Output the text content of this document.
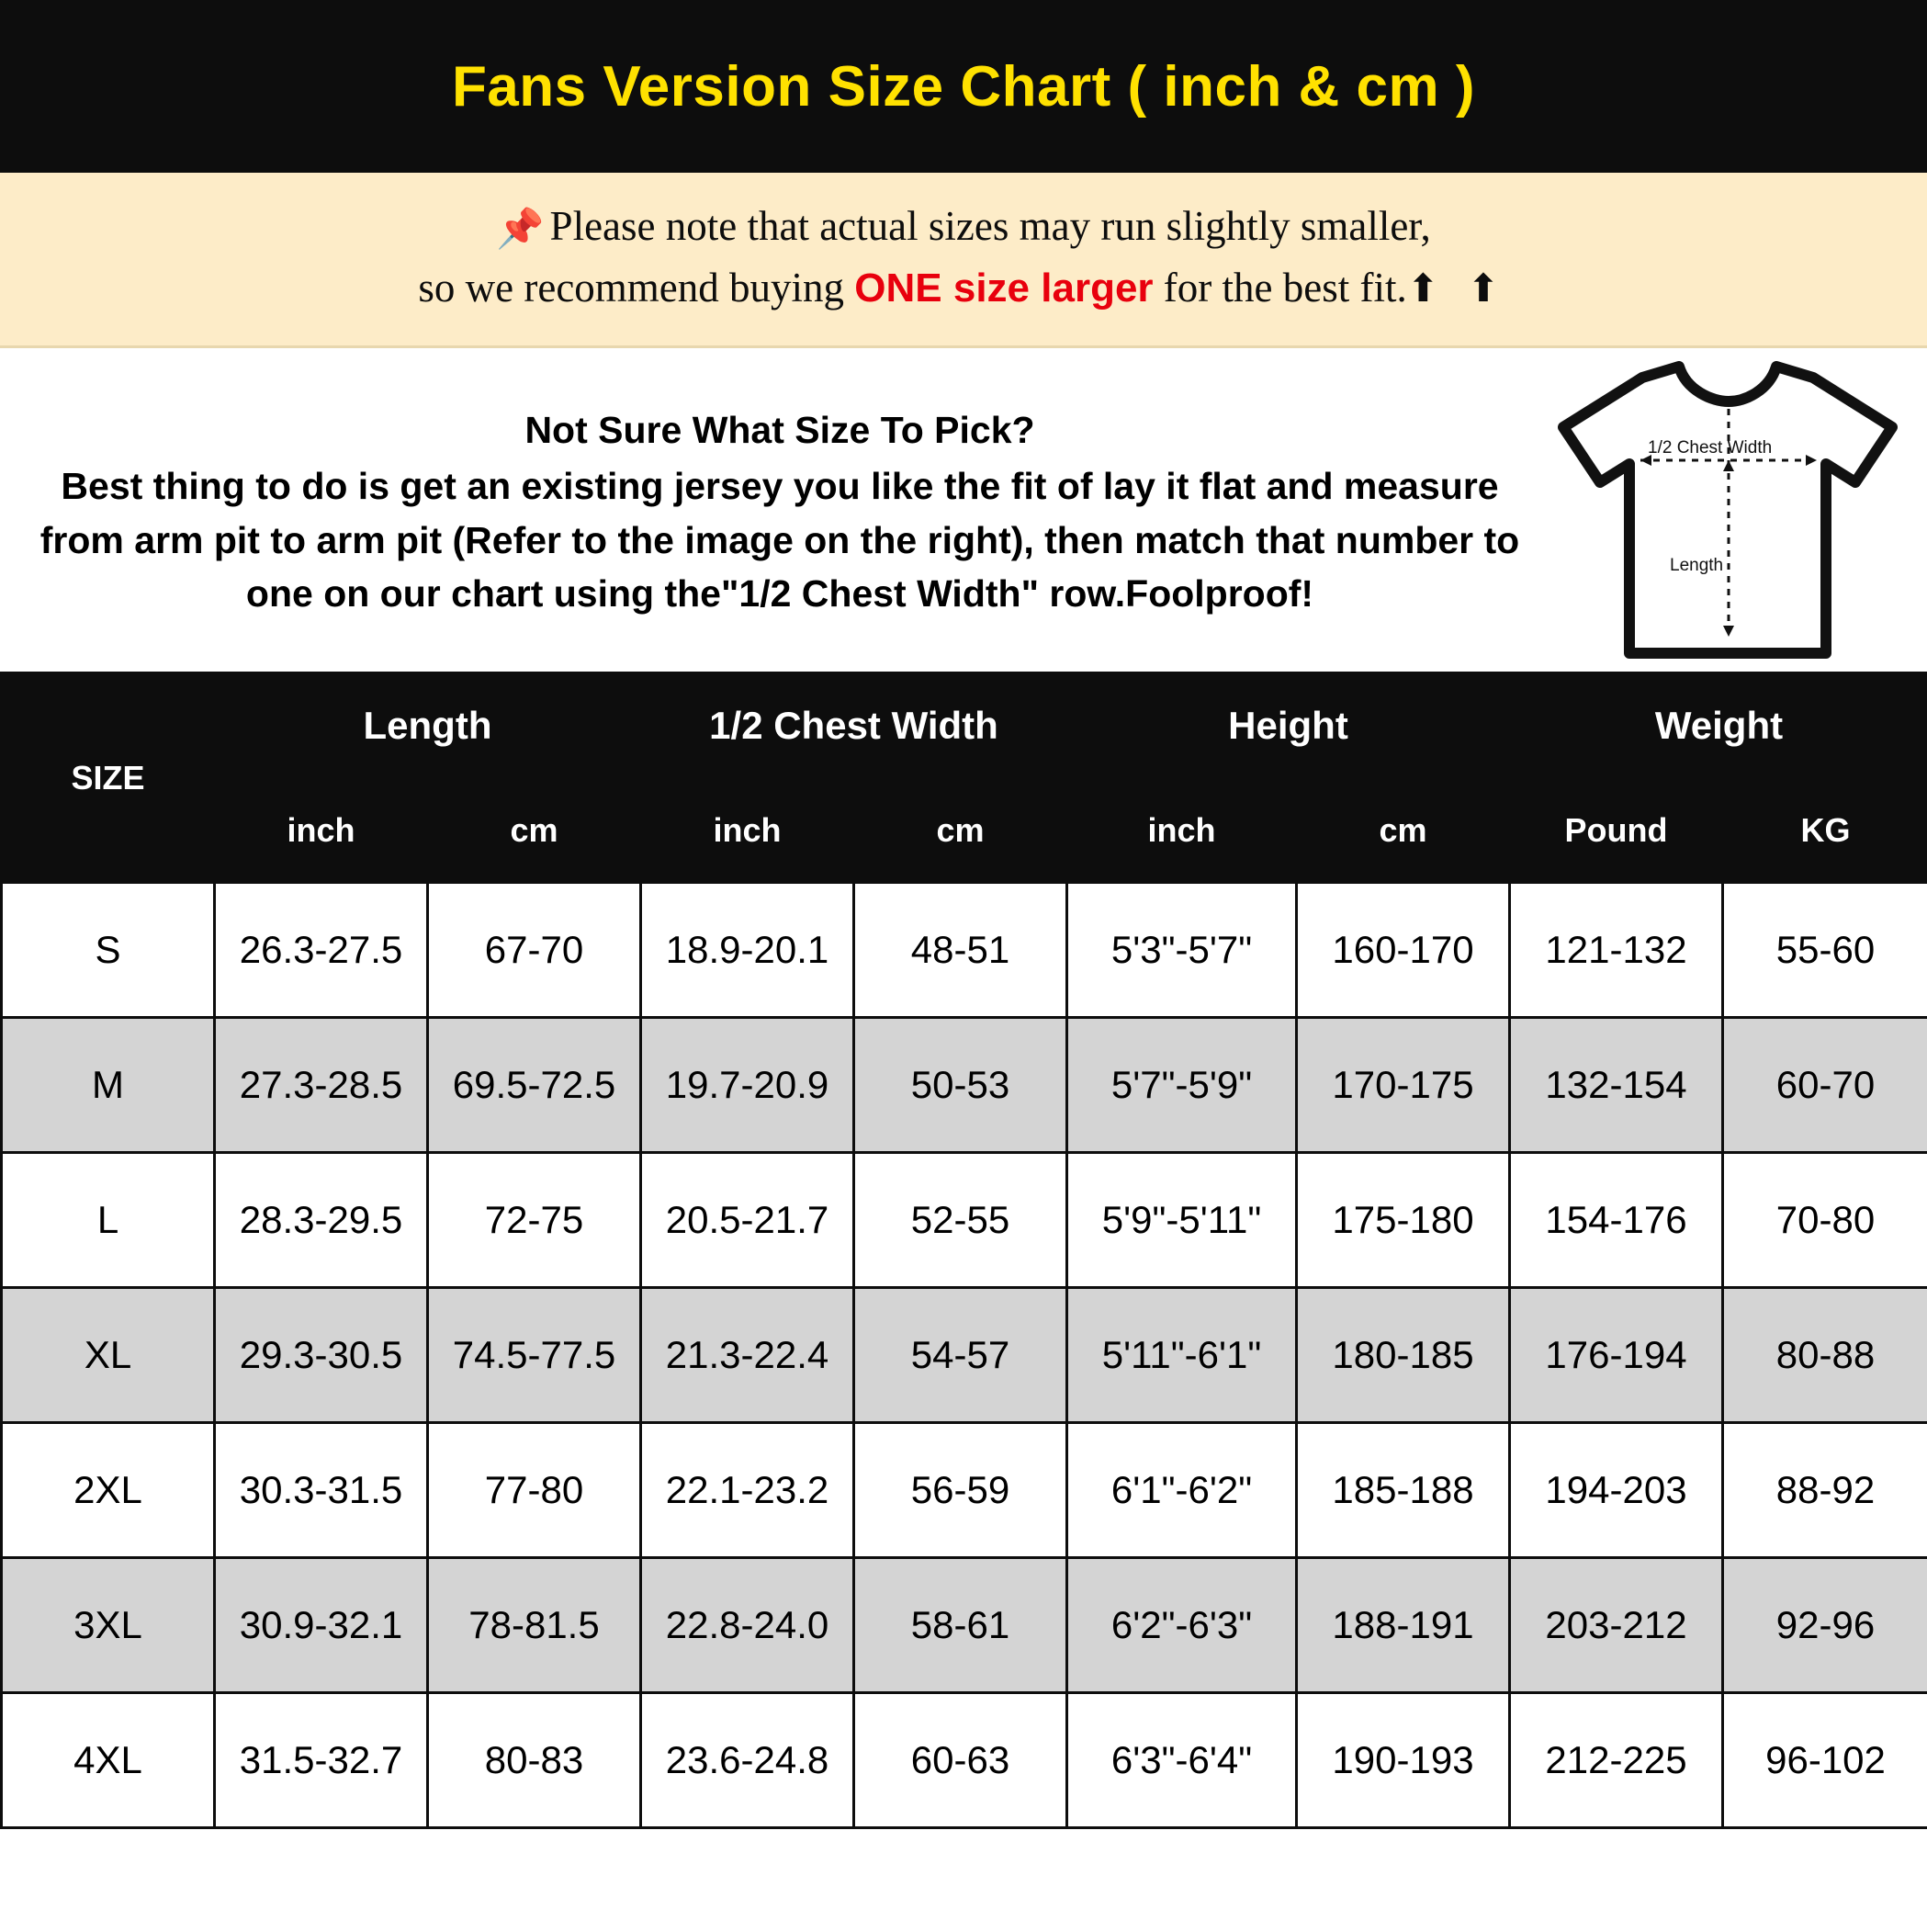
Fans Version Size Chart ( inch & cm )
📌 Please note that actual sizes may run slightly smaller,
so we recommend buying ONE size larger for the best fit.⬆ ⬆
Not Sure What Size To Pick?
Best thing to do is get an existing jersey you like the fit of lay it flat and measure from arm pit to arm pit (Refer to the image on the right), then match that number to one on our chart using the"1/2 Chest Width" row.Foolproof!
1/2 Chest Width
Length
SIZE	Length		1/2 Chest Width		Height		Weight	
	inch	cm	inch	cm	inch	cm	Pound	KG
S	26.3-27.5	67-70	18.9-20.1	48-51	5'3"-5'7"	160-170	121-132	55-60
M	27.3-28.5	69.5-72.5	19.7-20.9	50-53	5'7"-5'9"	170-175	132-154	60-70
L	28.3-29.5	72-75	20.5-21.7	52-55	5'9"-5'11"	175-180	154-176	70-80
XL	29.3-30.5	74.5-77.5	21.3-22.4	54-57	5'11"-6'1"	180-185	176-194	80-88
2XL	30.3-31.5	77-80	22.1-23.2	56-59	6'1"-6'2"	185-188	194-203	88-92
3XL	30.9-32.1	78-81.5	22.8-24.0	58-61	6'2"-6'3"	188-191	203-212	92-96
4XL	31.5-32.7	80-83	23.6-24.8	60-63	6'3"-6'4"	190-193	212-225	96-102
